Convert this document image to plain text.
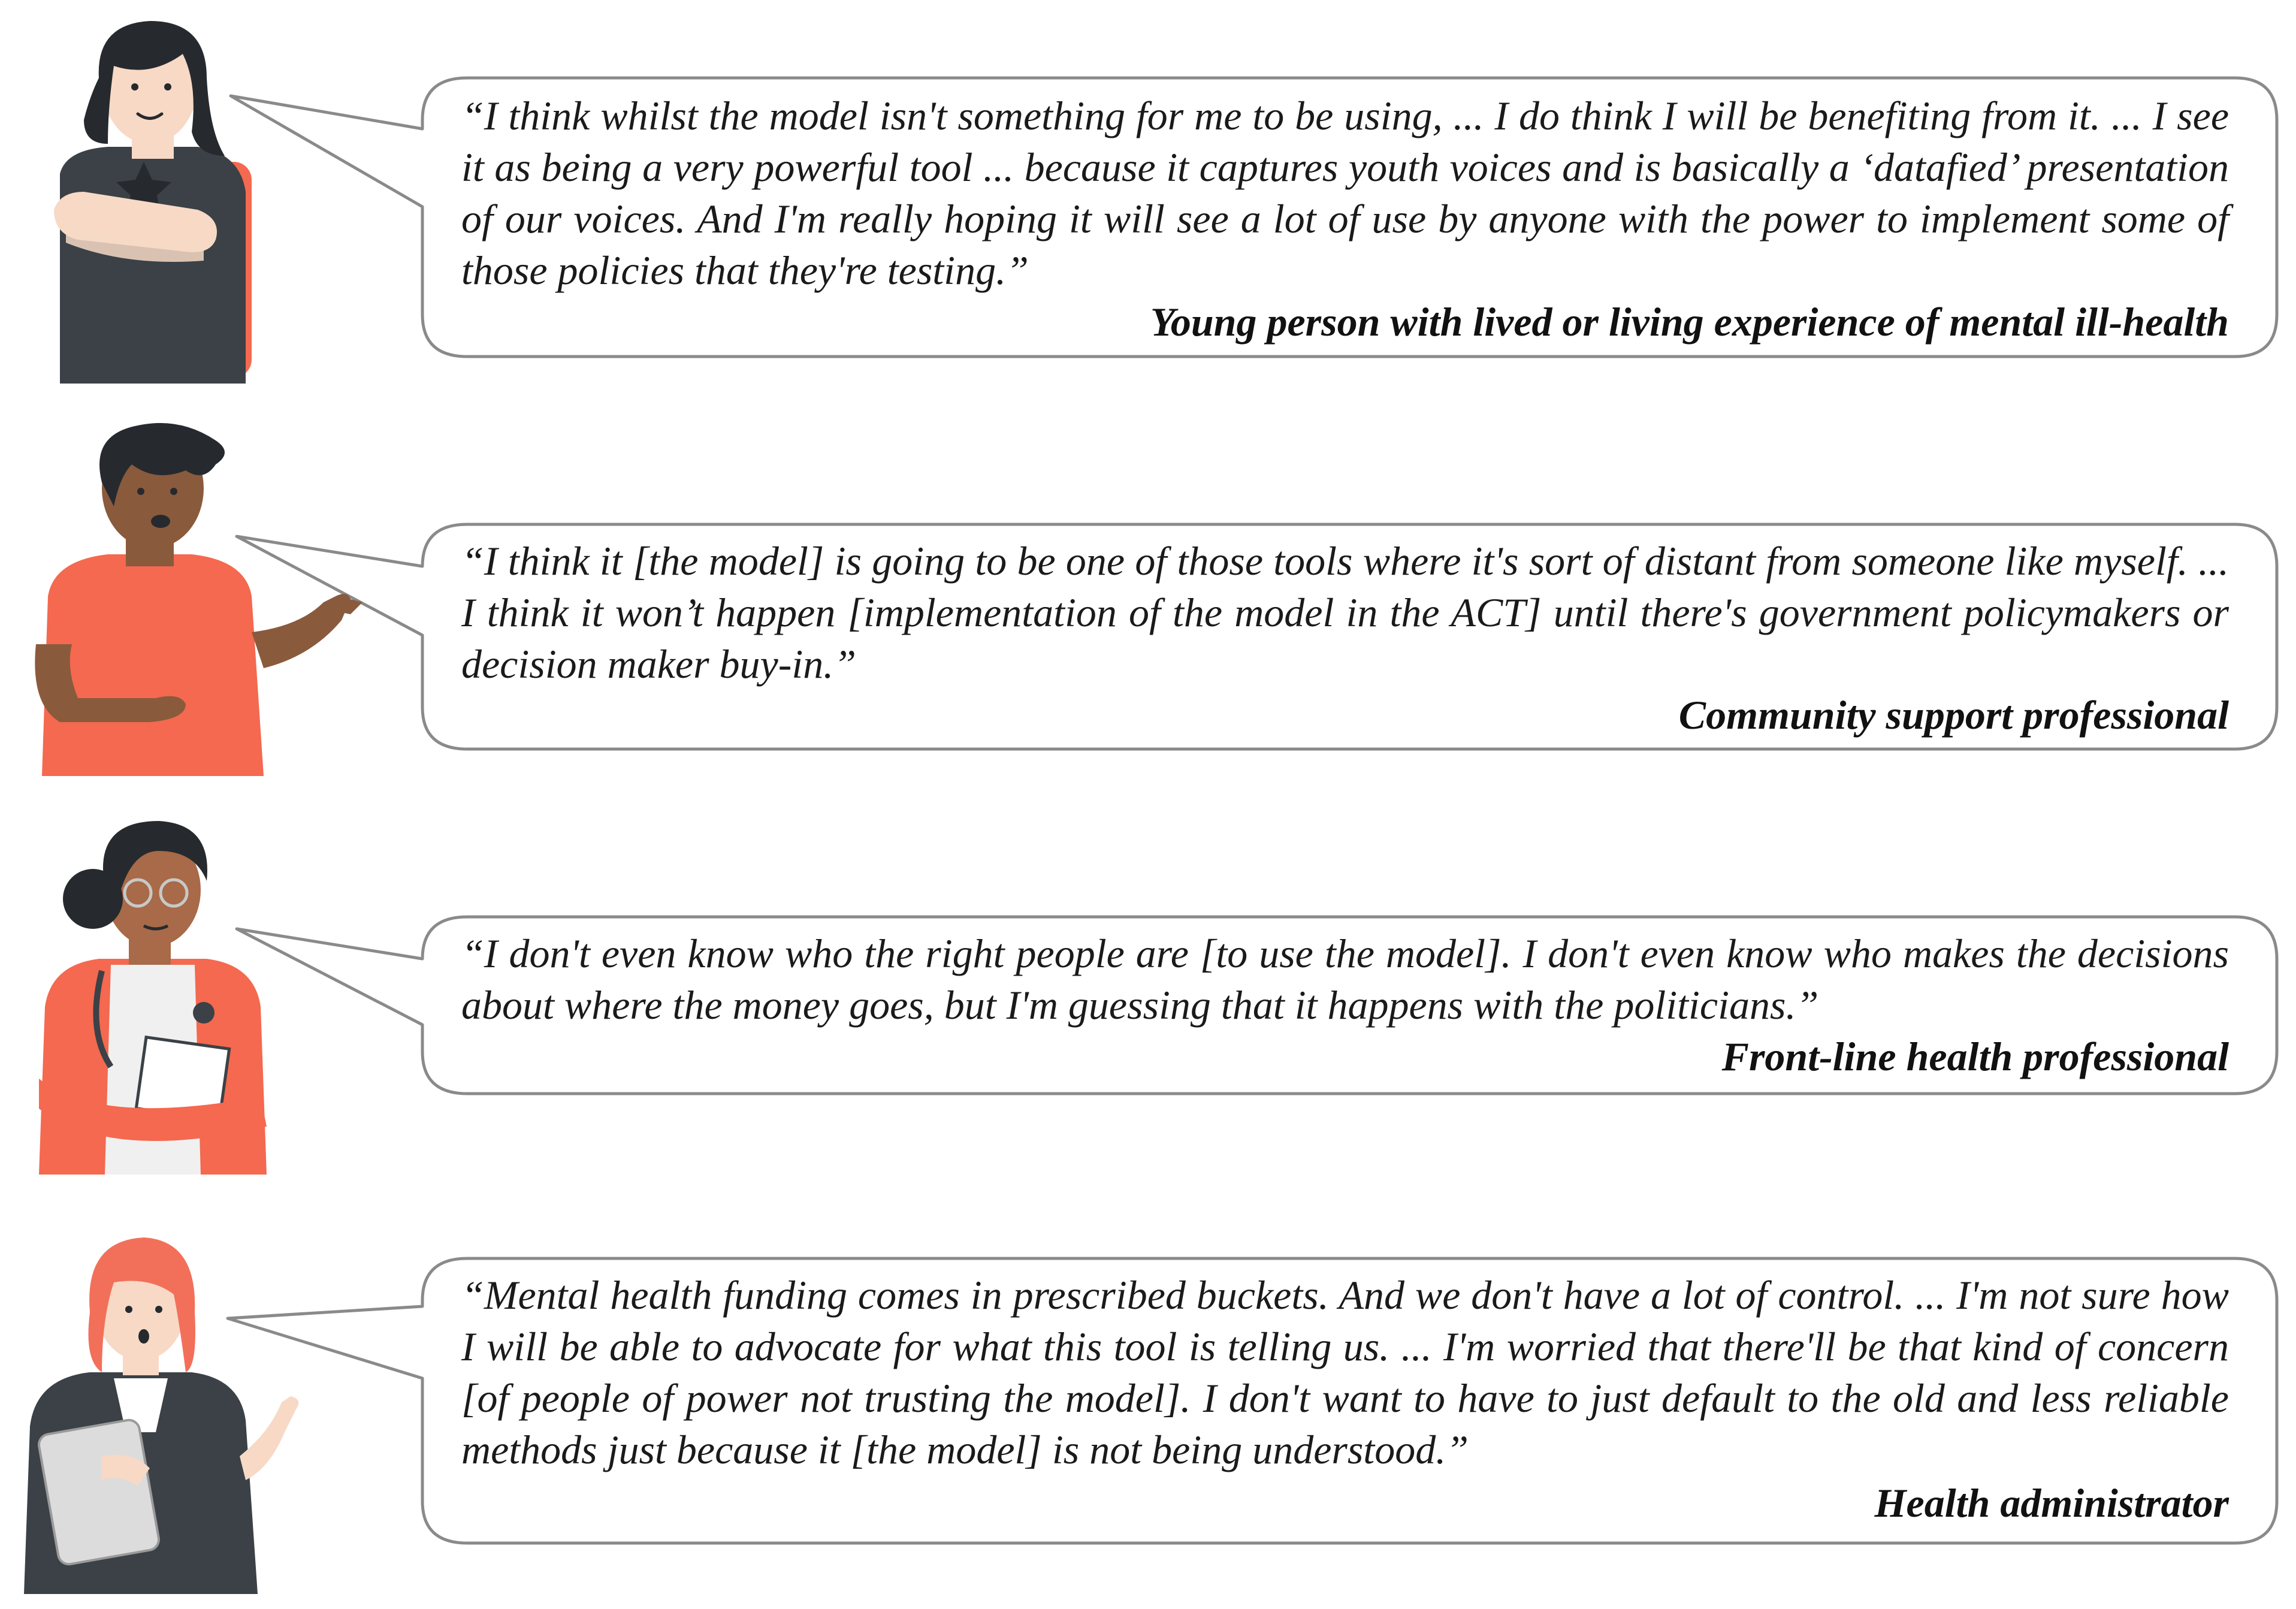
“I think whilst the model isn't something for me to be using, ... I do think I will be benefiting from it. ... I see it as being a very powerful tool ... because it captures youth voices and is basically a ‘datafied’ presentation of our voices. And I'm really hoping it will see a lot of use by anyone with the power to implement some of those policies that they're testing.”

Young person with lived or living experience of mental ill-health

“I think it [the model] is going to be one of those tools where it's sort of distant from someone like myself. ... I think it won’t happen [implementation of the model in the ACT] until there's government policymakers or decision maker buy-in.”

Community support professional

“I don't even know who the right people are [to use the model]. I don't even know who makes the decisions about where the money goes, but I'm guessing that it happens with the politicians.”

Front-line health professional

“Mental health funding comes in prescribed buckets. And we don't have a lot of control. ... I'm not sure how I will be able to advocate for what this tool is telling us. ... I'm worried that there'll be that kind of concern [of people of power not trusting the model]. I don't want to have to just default to the old and less reliable methods just because it [the model] is not being understood.”

Health administrator
